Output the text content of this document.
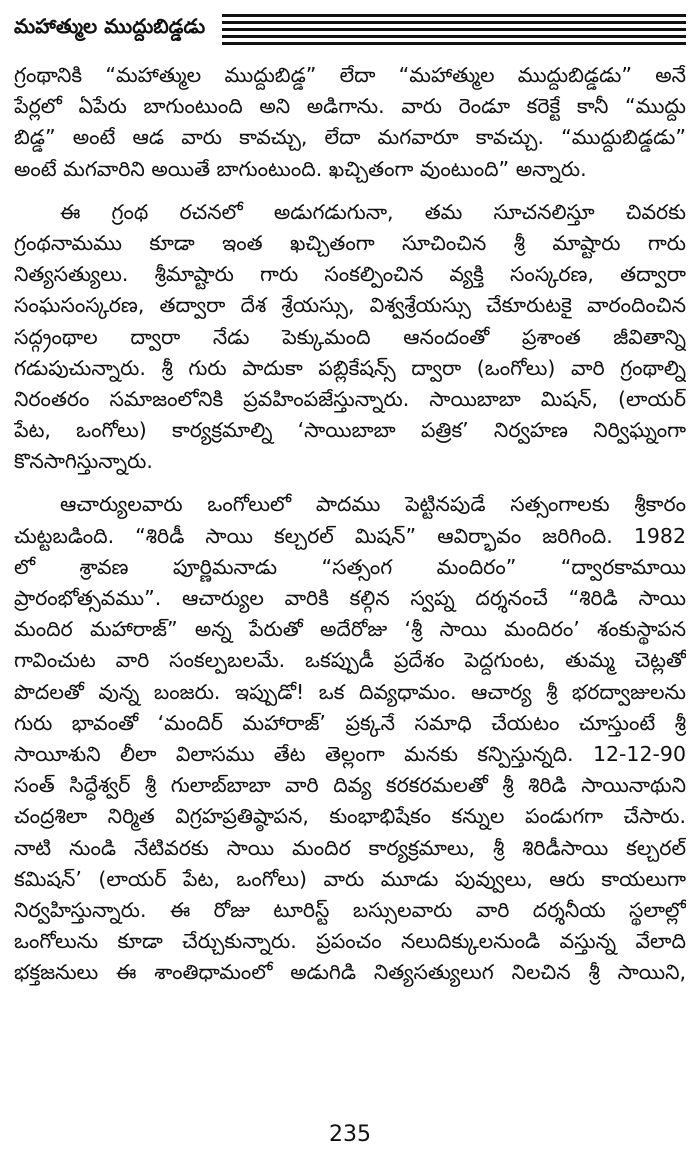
మహాత్ముల ముద్దుబిడ్డడు
గ్రంథానికి “మహాత్ముల ముద్దుబిడ్డ” లేదా “మహాత్ముల ముద్దుబిడ్డడు” అనే
పేర్లలో ఏపేరు బాగుంటుంది అని అడిగాను. వారు రెండూ కరెక్టే కానీ “ముద్దు
బిడ్డ” అంటే ఆడ వారు కావచ్చు, లేదా మగవారూ కావచ్చు. “ముద్దుబిడ్డడు”
అంటే మగవారిని అయితే బాగుంటుంది. ఖచ్చితంగా వుంటుంది” అన్నారు.
ఈ గ్రంథ రచనలో అడుగడుగునా, తమ సూచనలిస్తూ చివరకు
గ్రంథనామము కూడా ఇంత ఖచ్చితంగా సూచించిన శ్రీ మాష్టారు గారు
నిత్యసత్యులు. శ్రీమాష్టారు గారు సంకల్పించిన వ్యక్తి సంస్కరణ, తద్వారా
సంఘసంస్కరణ, తద్వారా దేశ శ్రేయస్సు, విశ్వశ్రేయస్సు చేకూరుటకై వారందించిన
సద్గ్రంథాల ద్వారా నేడు పెక్కుమంది ఆనందంతో ప్రశాంత జీవితాన్ని
గడుపుచున్నారు. శ్రీ గురు పాదుకా పబ్లికేషన్స్ ద్వారా (ఒంగోలు) వారి గ్రంథాల్ని
నిరంతరం సమాజంలోనికి ప్రవహింపజేస్తున్నారు. సాయిబాబా మిషన్, (లాయర్
పేట, ఒంగోలు) కార్యక్రమాల్ని ‘సాయిబాబా పత్రిక’ నిర్వహణ నిర్విఘ్నంగా
కొనసాగిస్తున్నారు.
ఆచార్యులవారు ఒంగోలులో పాదము పెట్టినపుడే సత్సంగాలకు శ్రీకారం
చుట్టబడింది. “శిరిడీ సాయి కల్చరల్ మిషన్” ఆవిర్భావం జరిగింది. 1982
లో శ్రావణ పూర్ణిమనాడు “సత్సంగ మందిరం” “ద్వారకామాయి
ప్రారంభోత్సవము”. ఆచార్యుల వారికి కల్గిన స్వప్న దర్శనంచే “శిరిడి సాయి
మందిర మహారాజ్” అన్న పేరుతో అదేరోజు ‘శ్రీ సాయి మందిరం’ శంకుస్థాపన
గావించుట వారి సంకల్పబలమే. ఒకప్పుడీ ప్రదేశం పెద్దగుంట, తుమ్మ చెట్లతో
పొదలతో వున్న బంజరు. ఇప్పుడో! ఒక దివ్యధామం. ఆచార్య శ్రీ భరద్వాజులను
గురు భావంతో ‘మందిర్ మహారాజ్’ ప్రక్కనే సమాధి చేయటం చూస్తుంటే శ్రీ
సాయీశుని లీలా విలాసము తేట తెల్లంగా మనకు కన్పిస్తున్నది. 12-12-90
సంత్ సిద్ధేశ్వర్ శ్రీ గులాబ్‌బాబా వారి దివ్య కరకరమలతో శ్రీ శిరిడి సాయినాథుని
చంద్రశిలా నిర్మిత విగ్రహప్రతిష్ఠాపన, కుంభాభిషేకం కన్నుల పండుగగా చేసారు.
నాటి నుండి నేటివరకు సాయి మందిర కార్యక్రమాలు, శ్రీ శిరిడీసాయి కల్చరల్
కమిషన్’ (లాయర్ పేట, ఒంగోలు) వారు మూడు పువ్వులు, ఆరు కాయలుగా
నిర్వహిస్తున్నారు. ఈ రోజు టూరిస్ట్ బస్సులవారు వారి దర్శనీయ స్థలాల్లో
ఒంగోలును కూడా చేర్చుకున్నారు. ప్రపంచం నలుదిక్కులనుండి వస్తున్న వేలాది
భక్తజనులు ఈ శాంతిధామంలో అడుగిడి నిత్యసత్యులుగ నిలచిన శ్రీ సాయిని,
235
